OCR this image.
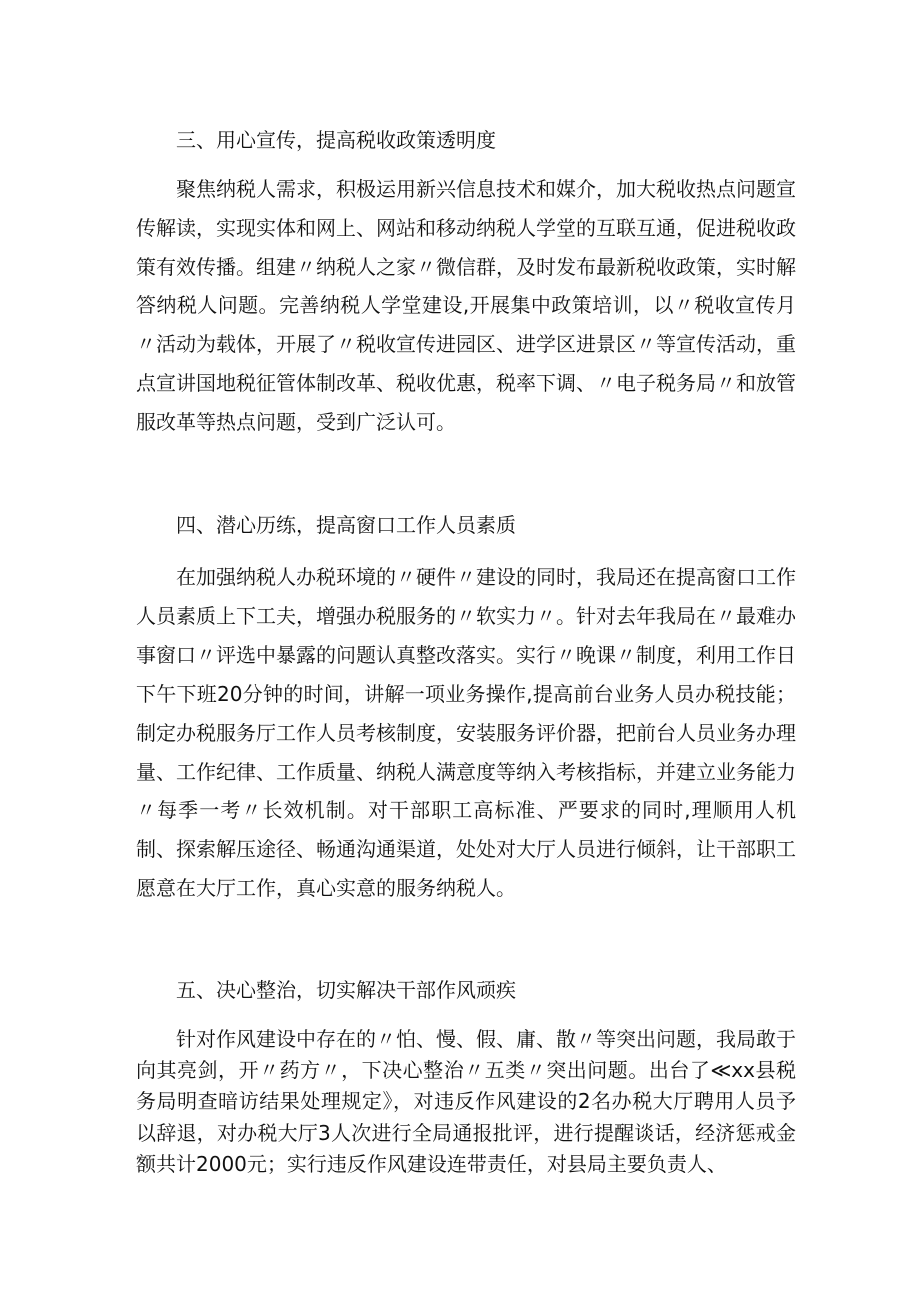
三、用心宣传，提高税收政策透明度
聚焦纳税人需求，积极运用新兴信息技术和媒介，加大税收热点问题宣传解读，实现实体和网上、网站和移动纳税人学堂的互联互通，促进税收政策有效传播。组建〃纳税人之家〃微信群，及时发布最新税收政策，实时解答纳税人问题。完善纳税人学堂建设,开展集中政策培训，以〃税收宣传月〃活动为载体，开展了〃税收宣传进园区、进学区进景区〃等宣传活动，重点宣讲国地税征管体制改革、税收优惠，税率下调、〃电子税务局〃和放管服改革等热点问题，受到广泛认可。
四、潜心历练，提高窗口工作人员素质
在加强纳税人办税环境的〃硬件〃建设的同时，我局还在提高窗口工作人员素质上下工夫，增强办税服务的〃软实力〃。针对去年我局在〃最难办事窗口〃评选中暴露的问题认真整改落实。实行〃晚课〃制度，利用工作日下午下班20分钟的时间，讲解一项业务操作,提高前台业务人员办税技能；制定办税服务厅工作人员考核制度，安装服务评价器，把前台人员业务办理量、工作纪律、工作质量、纳税人满意度等纳入考核指标，并建立业务能力〃每季一考〃长效机制。对干部职工高标准、严要求的同时,理顺用人机制、探索解压途径、畅通沟通渠道，处处对大厅人员进行倾斜，让干部职工愿意在大厅工作，真心实意的服务纳税人。
五、决心整治，切实解决干部作风顽疾
针对作风建设中存在的〃怕、慢、假、庸、散〃等突出问题，我局敢于向其亮剑，开〃药方〃，下决心整治〃五类〃突出问题。出台了≪xx县税务局明查暗访结果处理规定》，对违反作风建设的2名办税大厅聘用人员予以辞退，对办税大厅3人次进行全局通报批评，进行提醒谈话，经济惩戒金额共计2000元；实行违反作风建设连带责任，对县局主要负责人、
